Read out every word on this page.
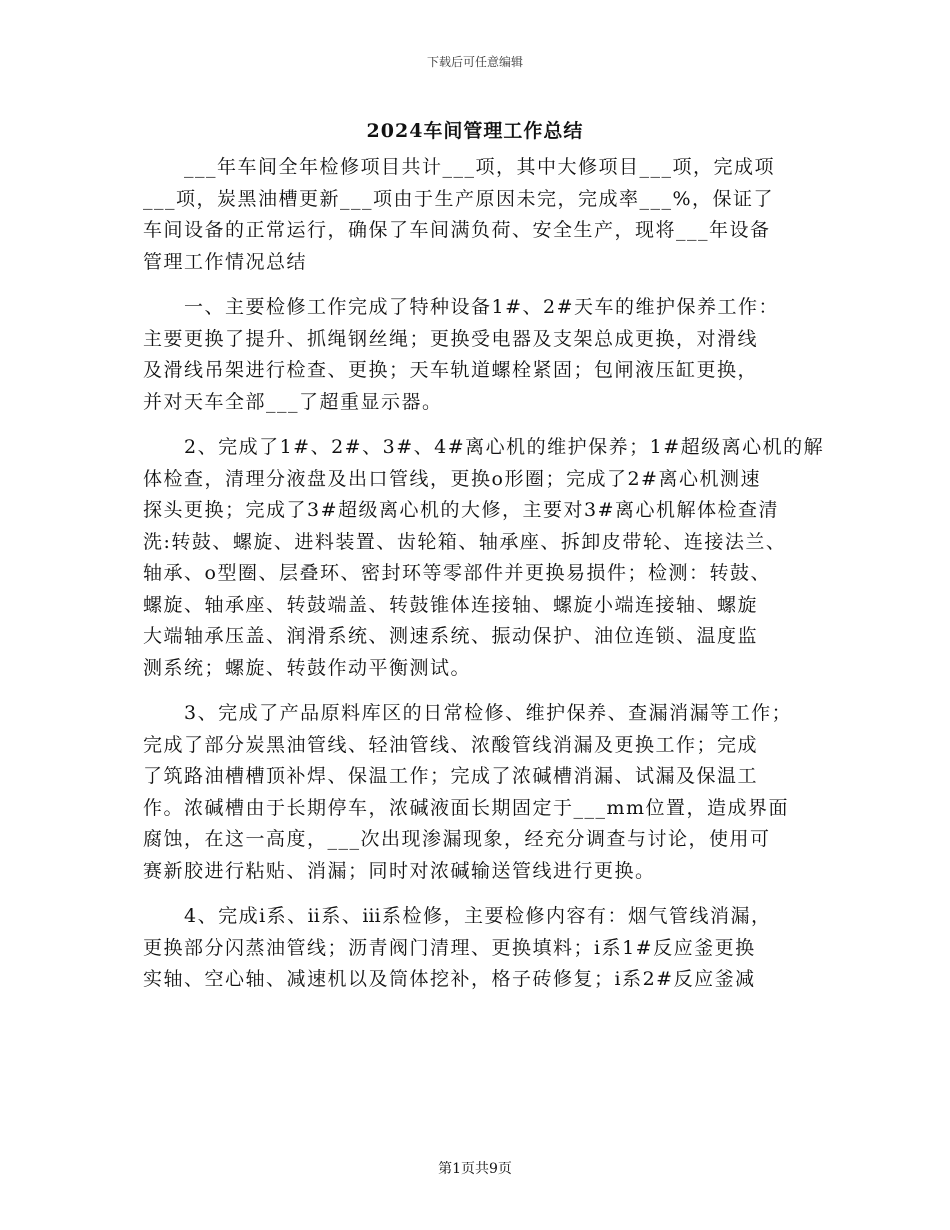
下载后可任意编辑
2024车间管理工作总结

　　___年车间全年检修项目共计___项，其中大修项目___项，完成项
___项，炭黑油槽更新___项由于生产原因未完，完成率___%，保证了
车间设备的正常运行，确保了车间满负荷、安全生产，现将___年设备
管理工作情况总结

　　一、主要检修工作完成了特种设备1#、2#天车的维护保养工作：
主要更换了提升、抓绳钢丝绳；更换受电器及支架总成更换，对滑线
及滑线吊架进行检查、更换；天车轨道螺栓紧固；包闸液压缸更换，
并对天车全部___了超重显示器。

　　2、完成了1#、2#、3#、4#离心机的维护保养；1#超级离心机的解
体检查，清理分液盘及出口管线，更换o形圈；完成了2#离心机测速
探头更换；完成了3#超级离心机的大修，主要对3#离心机解体检查清
洗:转鼓、螺旋、进料装置、齿轮箱、轴承座、拆卸皮带轮、连接法兰、
轴承、o型圈、层叠环、密封环等零部件并更换易损件；检测：转鼓、
螺旋、轴承座、转鼓端盖、转鼓锥体连接轴、螺旋小端连接轴、螺旋
大端轴承压盖、润滑系统、测速系统、振动保护、油位连锁、温度监
测系统；螺旋、转鼓作动平衡测试。

　　3、完成了产品原料库区的日常检修、维护保养、查漏消漏等工作；
完成了部分炭黑油管线、轻油管线、浓酸管线消漏及更换工作；完成
了筑路油槽槽顶补焊、保温工作；完成了浓碱槽消漏、试漏及保温工
作。浓碱槽由于长期停车，浓碱液面长期固定于___mm位置，造成界面
腐蚀，在这一高度，___次出现渗漏现象，经充分调查与讨论，使用可
赛新胶进行粘贴、消漏；同时对浓碱输送管线进行更换。

　　4、完成ⅰ系、ⅱ系、ⅲ系检修，主要检修内容有：烟气管线消漏，
更换部分闪蒸油管线；沥青阀门清理、更换填料；ⅰ系1#反应釜更换
实轴、空心轴、减速机以及筒体挖补，格子砖修复；ⅰ系2#反应釜减

第1页共9页
